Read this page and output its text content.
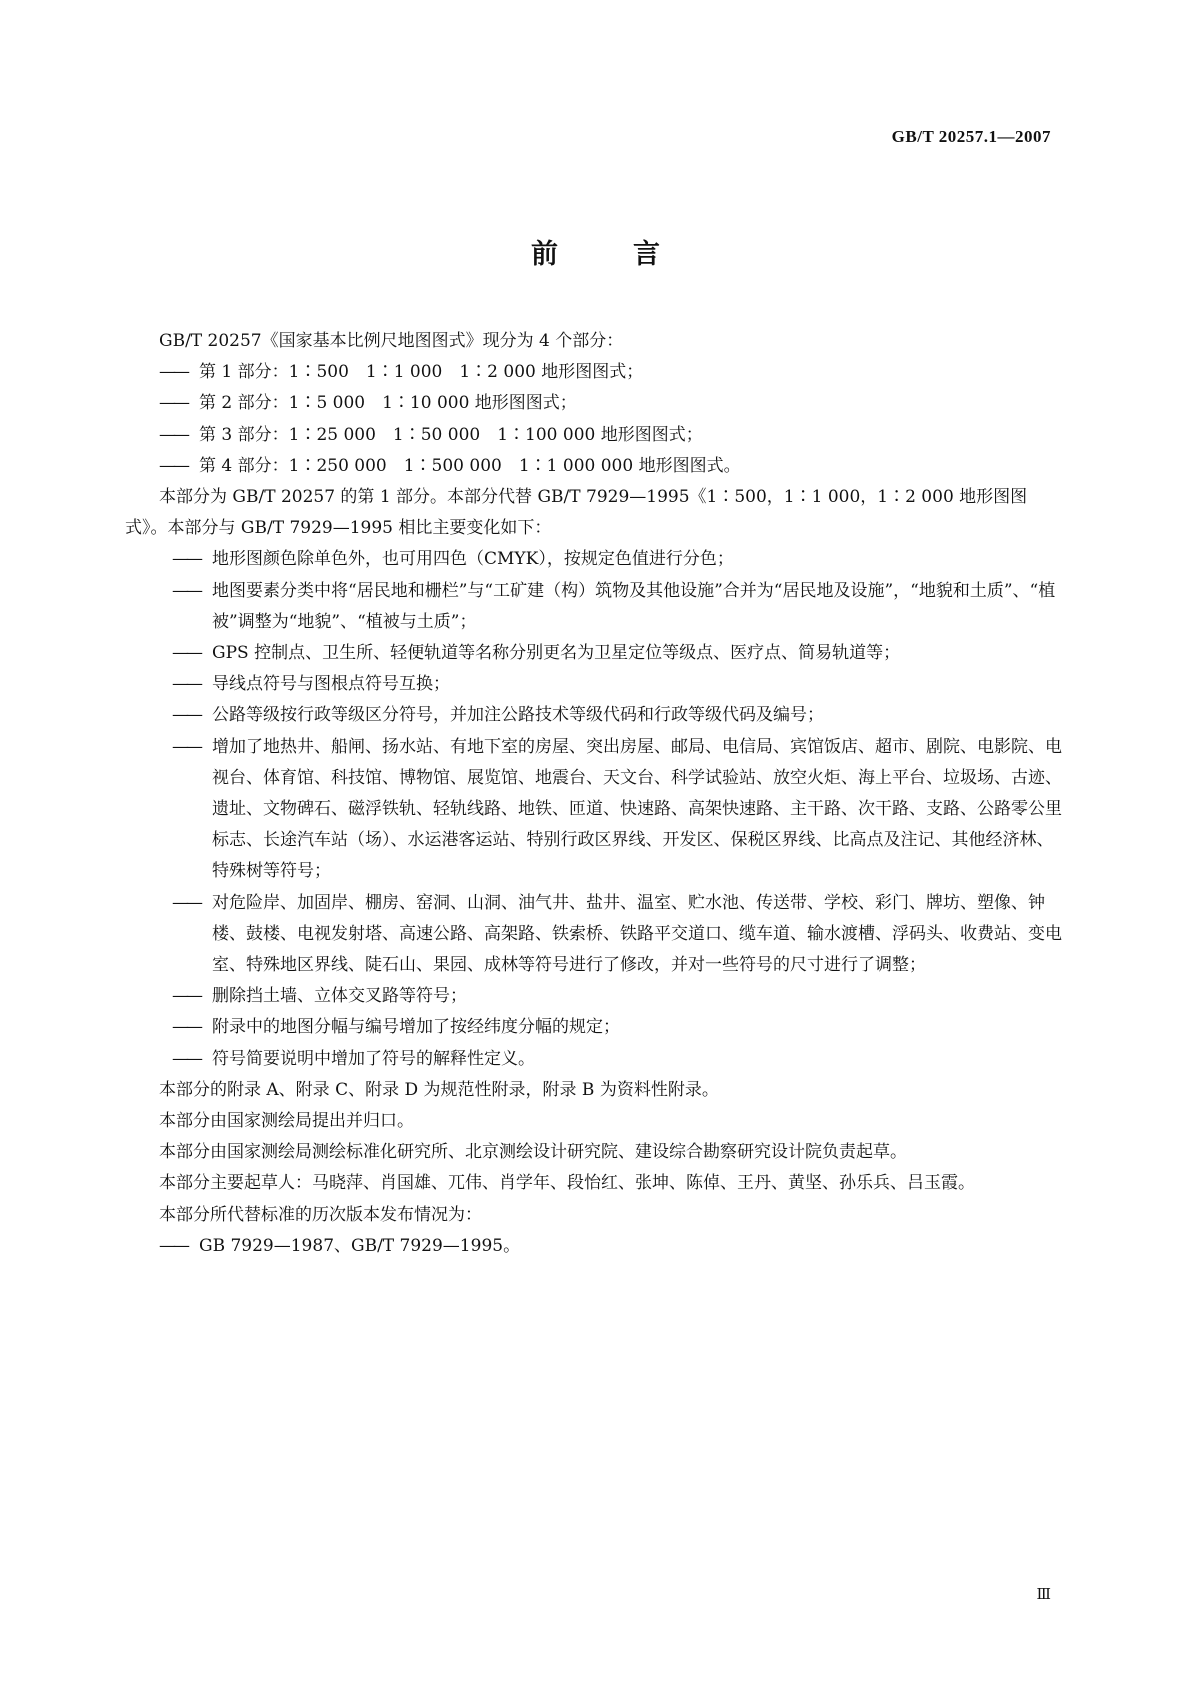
GB/T 20257.1—2007
前　言

GB/T 20257《国家基本比例尺地图图式》现分为 4 个部分：

—— 第 1 部分：1∶500　1∶1 000　1∶2 000 地形图图式；

—— 第 2 部分：1∶5 000　1∶10 000 地形图图式；

—— 第 3 部分：1∶25 000　1∶50 000　1∶100 000 地形图图式；

—— 第 4 部分：1∶250 000　1∶500 000　1∶1 000 000 地形图图式。

本部分为 GB/T 20257 的第 1 部分。本部分代替 GB/T 7929—1995《1∶500，1∶1 000，1∶2 000 地形图图式》。本部分与 GB/T 7929—1995 相比主要变化如下：

—— 地形图颜色除单色外，也可用四色（CMYK），按规定色值进行分色；

—— 地图要素分类中将“居民地和栅栏”与“工矿建（构）筑物及其他设施”合并为“居民地及设施”，“地貌和土质”、“植被”调整为“地貌”、“植被与土质”；

—— GPS 控制点、卫生所、轻便轨道等名称分别更名为卫星定位等级点、医疗点、简易轨道等；

—— 导线点符号与图根点符号互换；

—— 公路等级按行政等级区分符号，并加注公路技术等级代码和行政等级代码及编号；

—— 增加了地热井、船闸、扬水站、有地下室的房屋、突出房屋、邮局、电信局、宾馆饭店、超市、剧院、电影院、电视台、体育馆、科技馆、博物馆、展览馆、地震台、天文台、科学试验站、放空火炬、海上平台、垃圾场、古迹、遗址、文物碑石、磁浮铁轨、轻轨线路、地铁、匝道、快速路、高架快速路、主干路、次干路、支路、公路零公里标志、长途汽车站（场）、水运港客运站、特别行政区界线、开发区、保税区界线、比高点及注记、其他经济林、特殊树等符号；

—— 对危险岸、加固岸、棚房、窑洞、山洞、油气井、盐井、温室、贮水池、传送带、学校、彩门、牌坊、塑像、钟楼、鼓楼、电视发射塔、高速公路、高架路、铁索桥、铁路平交道口、缆车道、输水渡槽、浮码头、收费站、变电室、特殊地区界线、陡石山、果园、成林等符号进行了修改，并对一些符号的尺寸进行了调整；

—— 删除挡土墙、立体交叉路等符号；

—— 附录中的地图分幅与编号增加了按经纬度分幅的规定；

—— 符号简要说明中增加了符号的解释性定义。

本部分的附录 A、附录 C、附录 D 为规范性附录，附录 B 为资料性附录。

本部分由国家测绘局提出并归口。

本部分由国家测绘局测绘标准化研究所、北京测绘设计研究院、建设综合勘察研究设计院负责起草。

本部分主要起草人：马晓萍、肖国雄、兀伟、肖学年、段怡红、张坤、陈倬、王丹、黄坚、孙乐兵、吕玉霞。

本部分所代替标准的历次版本发布情况为：

—— GB 7929—1987、GB/T 7929—1995。

Ⅲ
